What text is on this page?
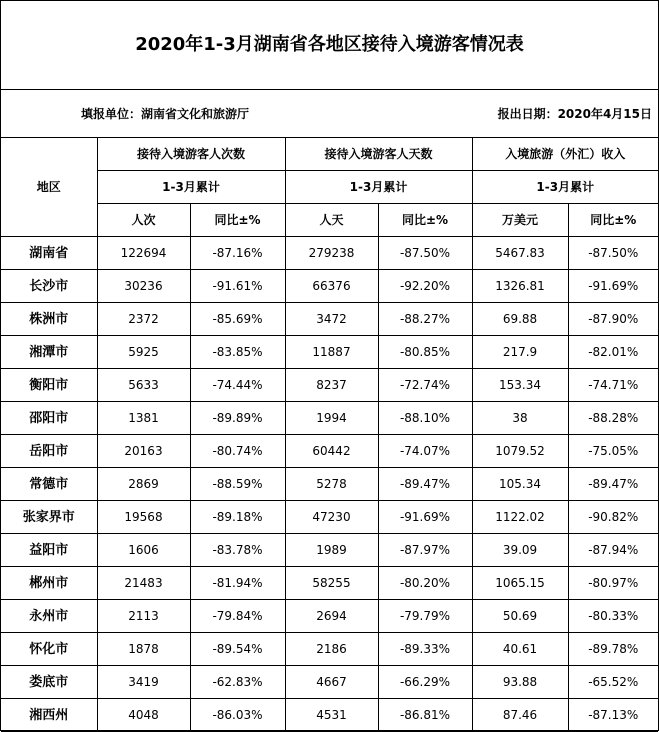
2020年1-3月湖南省各地区接待入境游客情况表						
填报单位：湖南省文化和旅游厅				报出日期：2020年4月15日		
地区	接待入境游客人次数		接待入境游客人天数		入境旅游（外汇）收入	
	1-3月累计		1-3月累计		1-3月累计	
	人次	同比±%	人天	同比±%	万美元	同比±%
湖南省	122694	-87.16%	279238	-87.50%	5467.83	-87.50%
长沙市	30236	-91.61%	66376	-92.20%	1326.81	-91.69%
株洲市	2372	-85.69%	3472	-88.27%	69.88	-87.90%
湘潭市	5925	-83.85%	11887	-80.85%	217.9	-82.01%
衡阳市	5633	-74.44%	8237	-72.74%	153.34	-74.71%
邵阳市	1381	-89.89%	1994	-88.10%	38	-88.28%
岳阳市	20163	-80.74%	60442	-74.07%	1079.52	-75.05%
常德市	2869	-88.59%	5278	-89.47%	105.34	-89.47%
张家界市	19568	-89.18%	47230	-91.69%	1122.02	-90.82%
益阳市	1606	-83.78%	1989	-87.97%	39.09	-87.94%
郴州市	21483	-81.94%	58255	-80.20%	1065.15	-80.97%
永州市	2113	-79.84%	2694	-79.79%	50.69	-80.33%
怀化市	1878	-89.54%	2186	-89.33%	40.61	-89.78%
娄底市	3419	-62.83%	4667	-66.29%	93.88	-65.52%
湘西州	4048	-86.03%	4531	-86.81%	87.46	-87.13%
